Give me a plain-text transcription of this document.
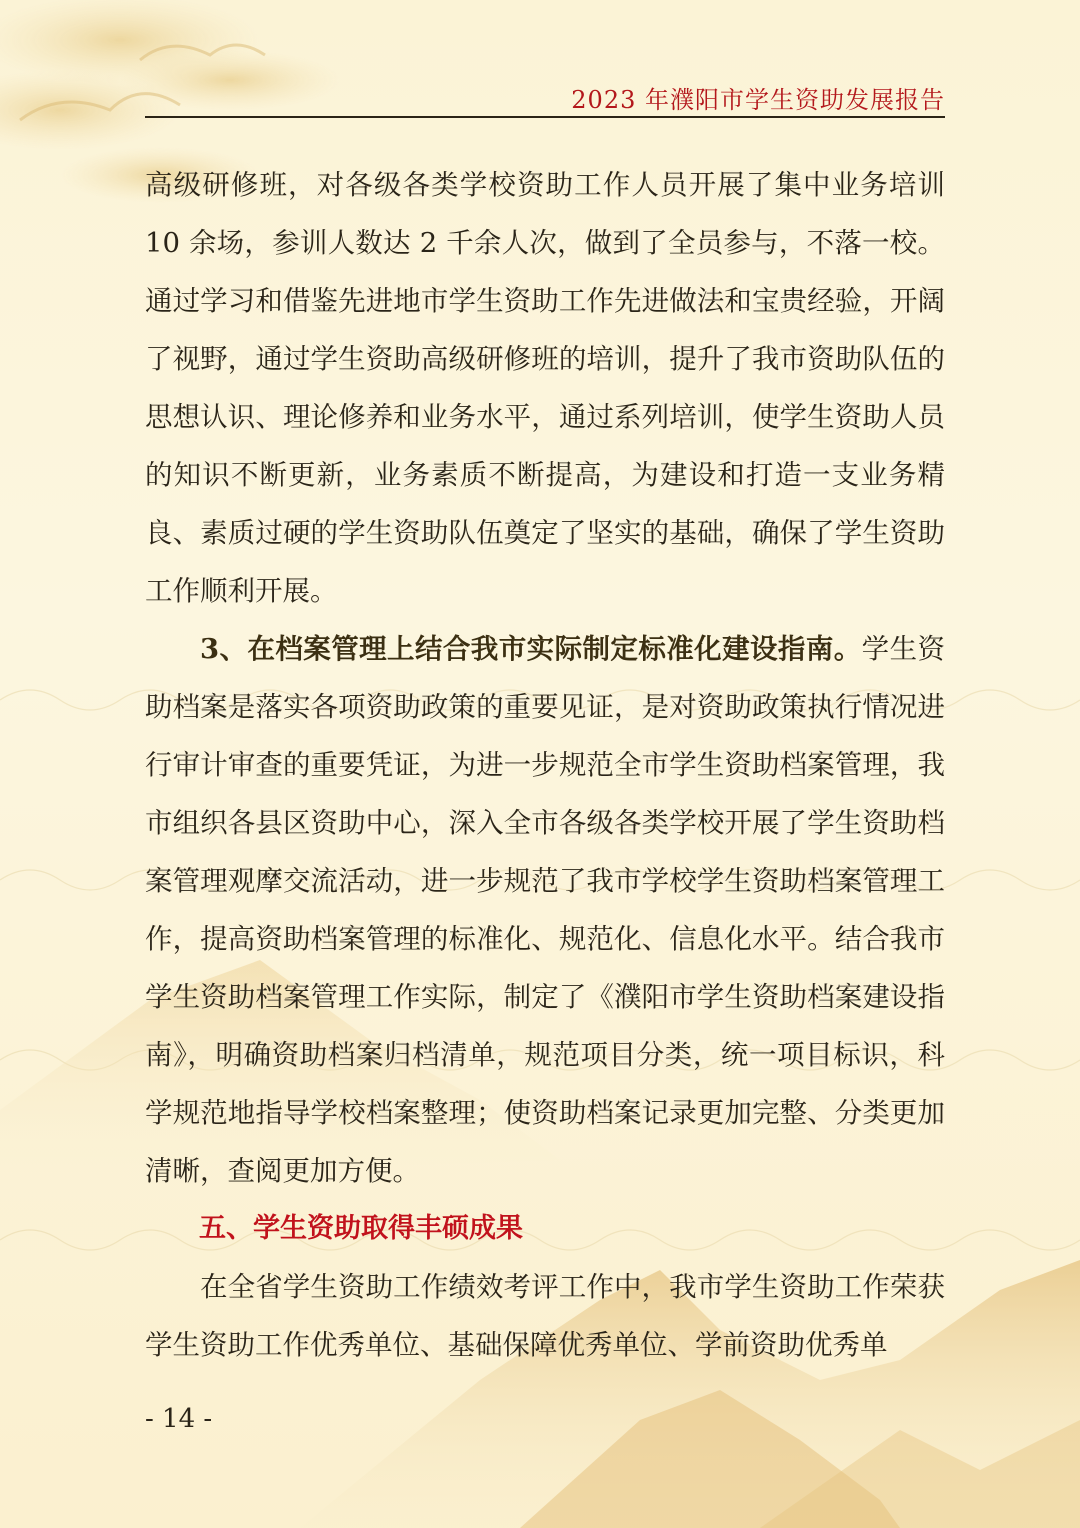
2023 年濮阳市学生资助发展报告

高级研修班，对各级各类学校资助工作人员开展了集中业务培训10 余场，参训人数达 2 千余人次，做到了全员参与，不落一校。通过学习和借鉴先进地市学生资助工作先进做法和宝贵经验，开阔了视野，通过学生资助高级研修班的培训，提升了我市资助队伍的思想认识、理论修养和业务水平，通过系列培训，使学生资助人员的知识不断更新，业务素质不断提高，为建设和打造一支业务精良、素质过硬的学生资助队伍奠定了坚实的基础，确保了学生资助工作顺利开展。

3、在档案管理上结合我市实际制定标准化建设指南。学生资助档案是落实各项资助政策的重要见证，是对资助政策执行情况进行审计审查的重要凭证，为进一步规范全市学生资助档案管理，我市组织各县区资助中心，深入全市各级各类学校开展了学生资助档案管理观摩交流活动，进一步规范了我市学校学生资助档案管理工作，提高资助档案管理的标准化、规范化、信息化水平。结合我市学生资助档案管理工作实际，制定了《濮阳市学生资助档案建设指南》，明确资助档案归档清单，规范项目分类，统一项目标识，科学规范地指导学校档案整理；使资助档案记录更加完整、分类更加清晰，查阅更加方便。

五、学生资助取得丰硕成果

在全省学生资助工作绩效考评工作中，我市学生资助工作荣获学生资助工作优秀单位、基础保障优秀单位、学前资助优秀单

- 14 -
